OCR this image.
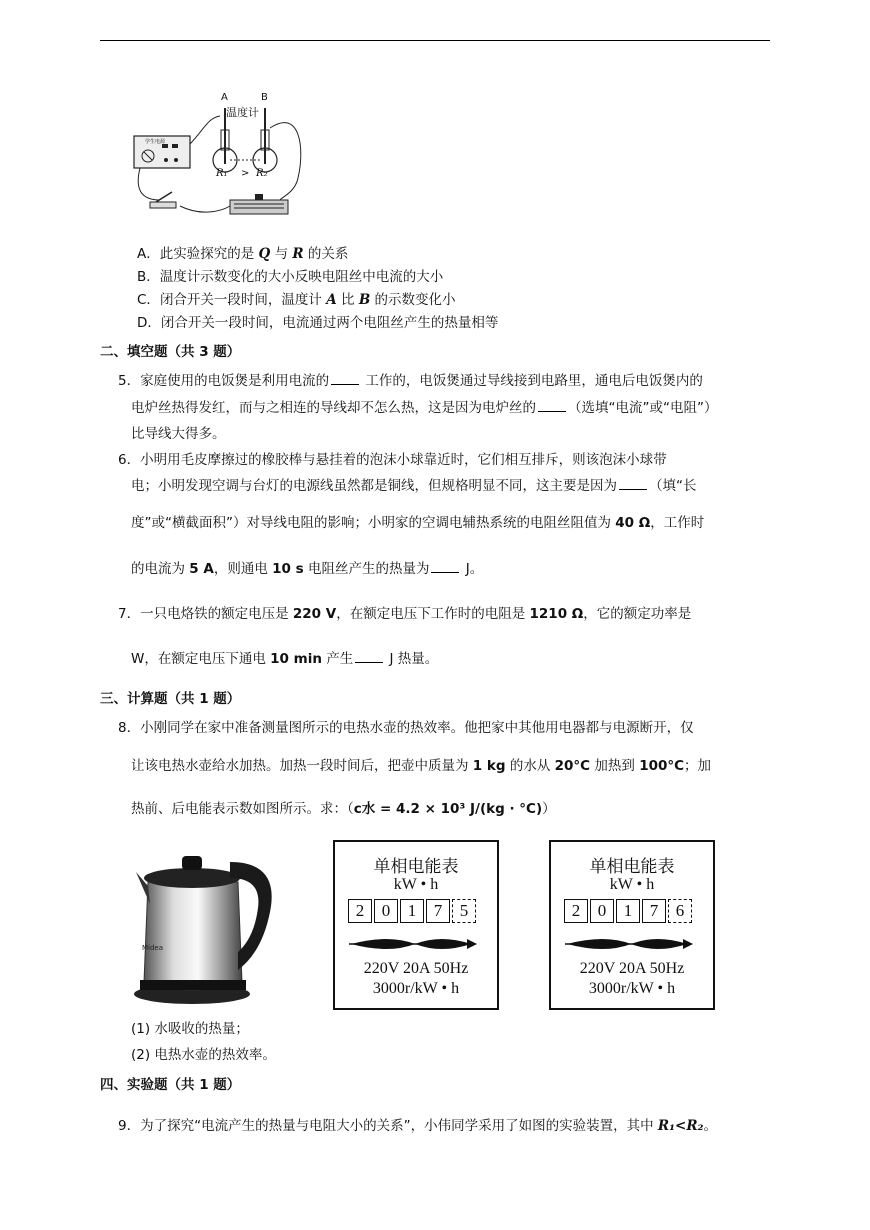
A	B
温度计
学生电源
R₁ > R₂
A．此实验探究的是 Q 与 R 的关系
B．温度计示数变化的大小反映电阻丝中电流的大小
C．闭合开关一段时间，温度计 A 比 B 的示数变化小
D．闭合开关一段时间，电流通过两个电阻丝产生的热量相等
二、填空题（共 3 题）
5．家庭使用的电饭煲是利用电流的 工作的，电饭煲通过导线接到电路里，通电后电饭煲内的
电炉丝热得发红，而与之相连的导线却不怎么热，这是因为电炉丝的 （选填“电流”或“电阻”）
比导线大得多。
6．小明用毛皮摩擦过的橡胶棒与悬挂着的泡沫小球靠近时，它们相互排斥，则该泡沫小球带
电；小明发现空调与台灯的电源线虽然都是铜线，但规格明显不同，这主要是因为 （填“长
度”或“横截面积”）对导线电阻的影响；小明家的空调电辅热系统的电阻丝阻值为 40 Ω，工作时
的电流为 5 A，则通电 10 s 电阻丝产生的热量为 J。
7．一只电烙铁的额定电压是 220 V，在额定电压下工作时的电阻是 1210 Ω，它的额定功率是
W，在额定电压下通电 10 min 产生 J 热量。
三、计算题（共 1 题）
8．小刚同学在家中准备测量图所示的电热水壶的热效率。他把家中其他用电器都与电源断开，仅
让该电热水壶给水加热。加热一段时间后，把壶中质量为 1 kg 的水从 20°C 加热到 100°C；加
热前、后电能表示数如图所示。求：（c水 = 4.2 × 10³ J/(kg · °C)）
Midea
单相电能表
kW • h
2	0	1	7	5
220V 20A 50Hz
3000r/kW • h
单相电能表
kW • h
2	0	1	7	6
220V 20A 50Hz
3000r/kW • h
(1) 水吸收的热量；
(2) 电热水壶的热效率。
四、实验题（共 1 题）
9．为了探究“电流产生的热量与电阻大小的关系”，小伟同学采用了如图的实验装置，其中 R₁<R₂。
